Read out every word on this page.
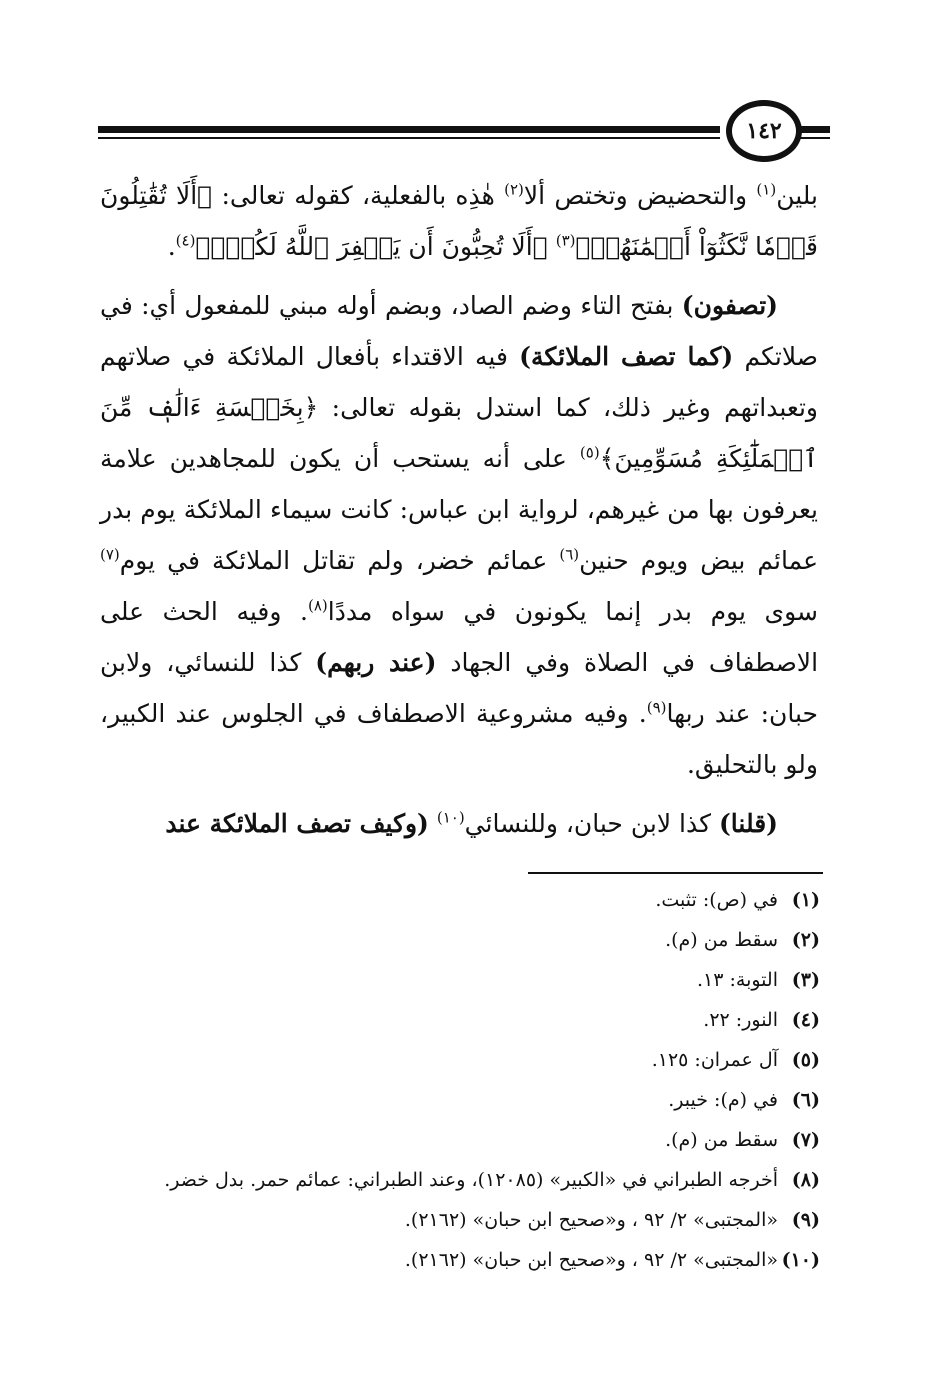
١٤٢

بلين$^{(١)}$ والتحضيض وتختص ألا$^{(٢)}$ هٰذِه بالفعلية، كقوله تعالى: ﴿أَلَا تُقَٰتِلُونَ قَوۡمٗا نَّكَثُوٓاْ أَيۡمَٰنَهُمۡ﴾$^{(٣)}$ ﴿أَلَا تُحِبُّونَ أَن يَغۡفِرَ ٱللَّهُ لَكُمۡۚ﴾$^{(٤)}$.

(تصفون) بفتح التاء وضم الصاد، وبضم أوله مبني للمفعول أي: في صلاتكم (كما تصف الملائكة) فيه الاقتداء بأفعال الملائكة في صلاتهم وتعبداتهم وغير ذلك، كما استدل بقوله تعالى: ﴿بِخَمۡسَةِ ءَالَٰفٖ مِّنَ ٱلۡمَلَٰٓئِكَةِ مُسَوِّمِينَ﴾$^{(٥)}$ على أنه يستحب أن يكون للمجاهدين علامة يعرفون بها من غيرهم، لرواية ابن عباس: كانت سيماء الملائكة يوم بدر عمائم بيض ويوم حنين$^{(٦)}$ عمائم خضر، ولم تقاتل الملائكة في يوم$^{(٧)}$ سوى يوم بدر إنما يكونون في سواه مددًا$^{(٨)}$. وفيه الحث على الاصطفاف في الصلاة وفي الجهاد (عند ربهم) كذا للنسائي، ولابن حبان: عند ربها$^{(٩)}$. وفيه مشروعية الاصطفاف في الجلوس عند الكبير، ولو بالتحليق.

(قلنا) كذا لابن حبان، وللنسائي$^{(١٠)}$ (وكيف تصف الملائكة عند

(١)
في (ص): تثبت.
(٢)
سقط من (م).
(٣)
التوبة: ١٣.
(٤)
النور: ٢٢.
(٥)
آل عمران: ١٢٥.
(٦)
في (م): خيبر.
(٧)
سقط من (م).
(٨)
أخرجه الطبراني في «الكبير» (١٢٠٨٥)، وعند الطبراني: عمائم حمر. بدل خضر.
(٩)
«المجتبى» ٢/ ٩٢ ، و«صحيح ابن حبان» (٢١٦٢).
(١٠)
«المجتبى» ٢/ ٩٢ ، و«صحيح ابن حبان» (٢١٦٢).
